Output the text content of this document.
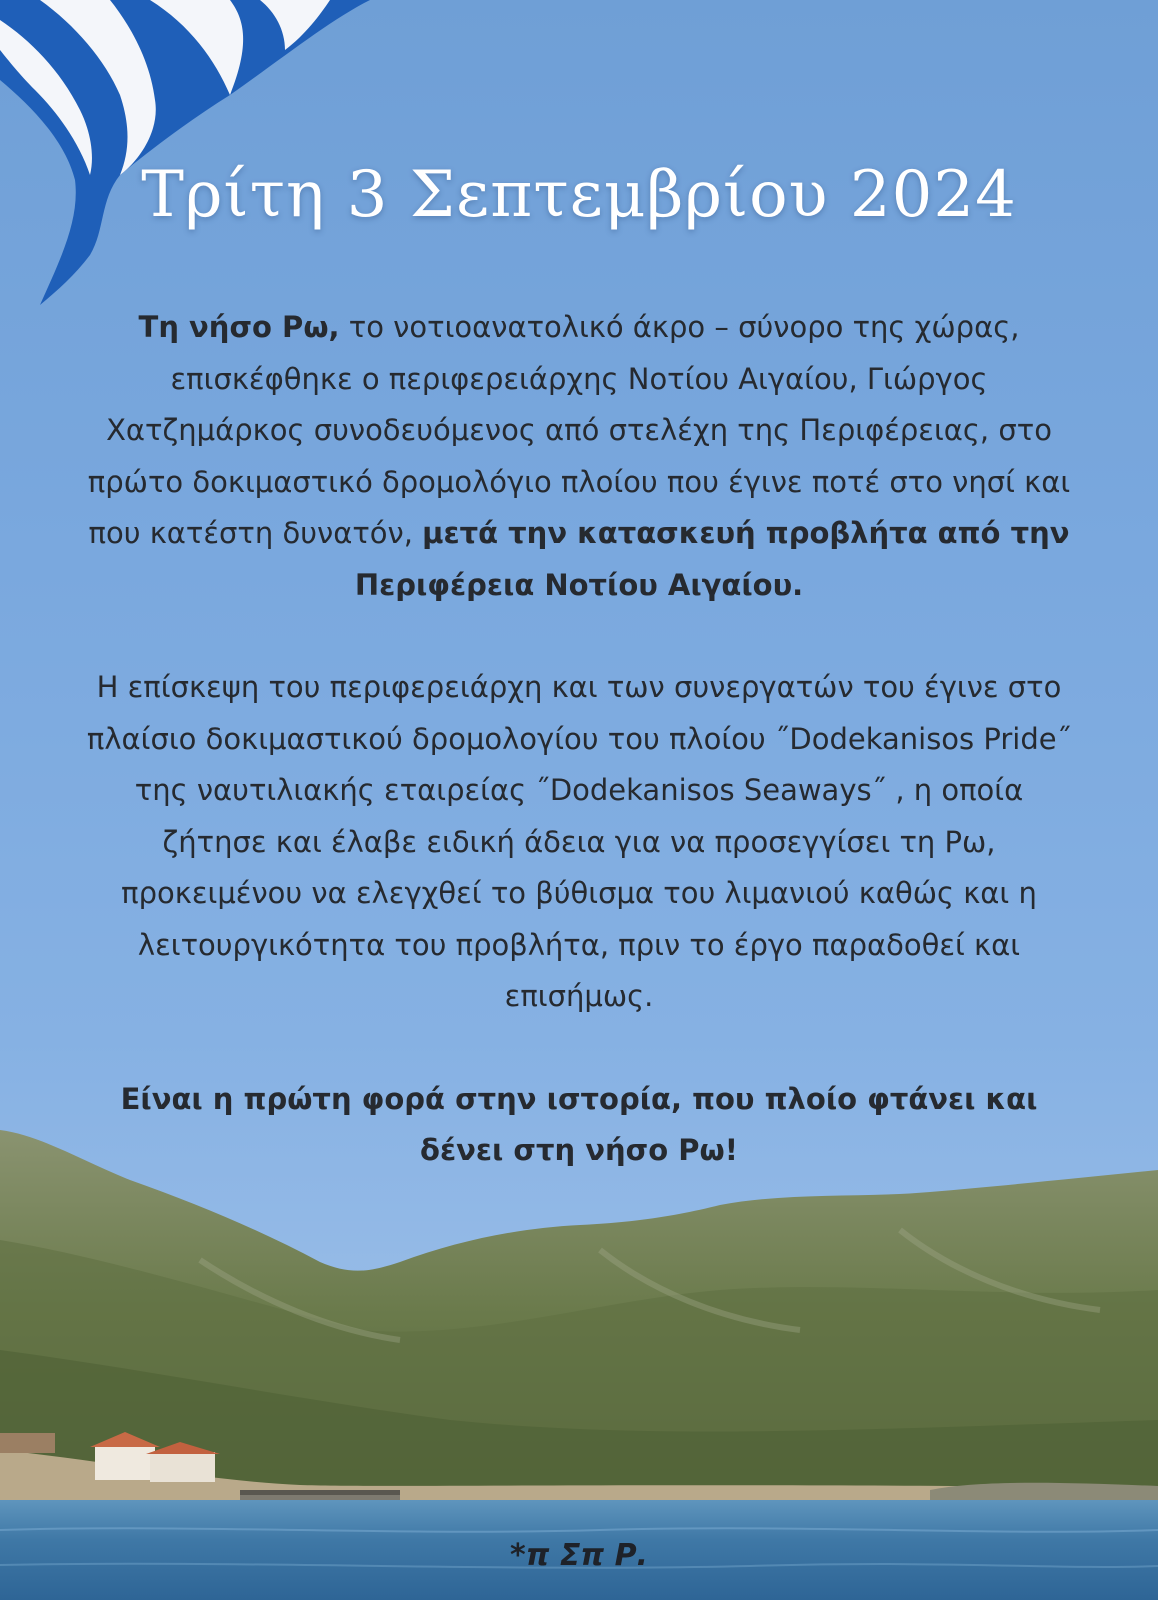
Τρίτη 3 Σεπτεμβρίου 2024

Τη νήσο Ρω, το νοτιοανατολικό άκρο – σύνορο της χώρας, επισκέφθηκε ο περιφερειάρχης Νοτίου Αιγαίου, Γιώργος Χατζημάρκος συνοδευόμενος από στελέχη της Περιφέρειας, στο πρώτο δοκιμαστικό δρομολόγιο πλοίου που έγινε ποτέ στο νησί και που κατέστη δυνατόν, μετά την κατασκευή προβλήτα από την Περιφέρεια Νοτίου Αιγαίου.

Η επίσκεψη του περιφερειάρχη και των συνεργατών του έγινε στο πλαίσιο δοκιμαστικού δρομολογίου του πλοίου ˝Dodekanisos Pride˝ της ναυτιλιακής εταιρείας ˝Dodekanisos Seaways˝ , η οποία ζήτησε και έλαβε ειδική άδεια για να προσεγγίσει τη Ρω, προκειμένου να ελεγχθεί το βύθισμα του λιμανιού καθώς και η λειτουργικότητα του προβλήτα, πριν το έργο παραδοθεί και επισήμως.

Είναι η πρώτη φορά στην ιστορία, που πλοίο φτάνει και δένει στη νήσο Ρω!

*π Σπ Ρ.
